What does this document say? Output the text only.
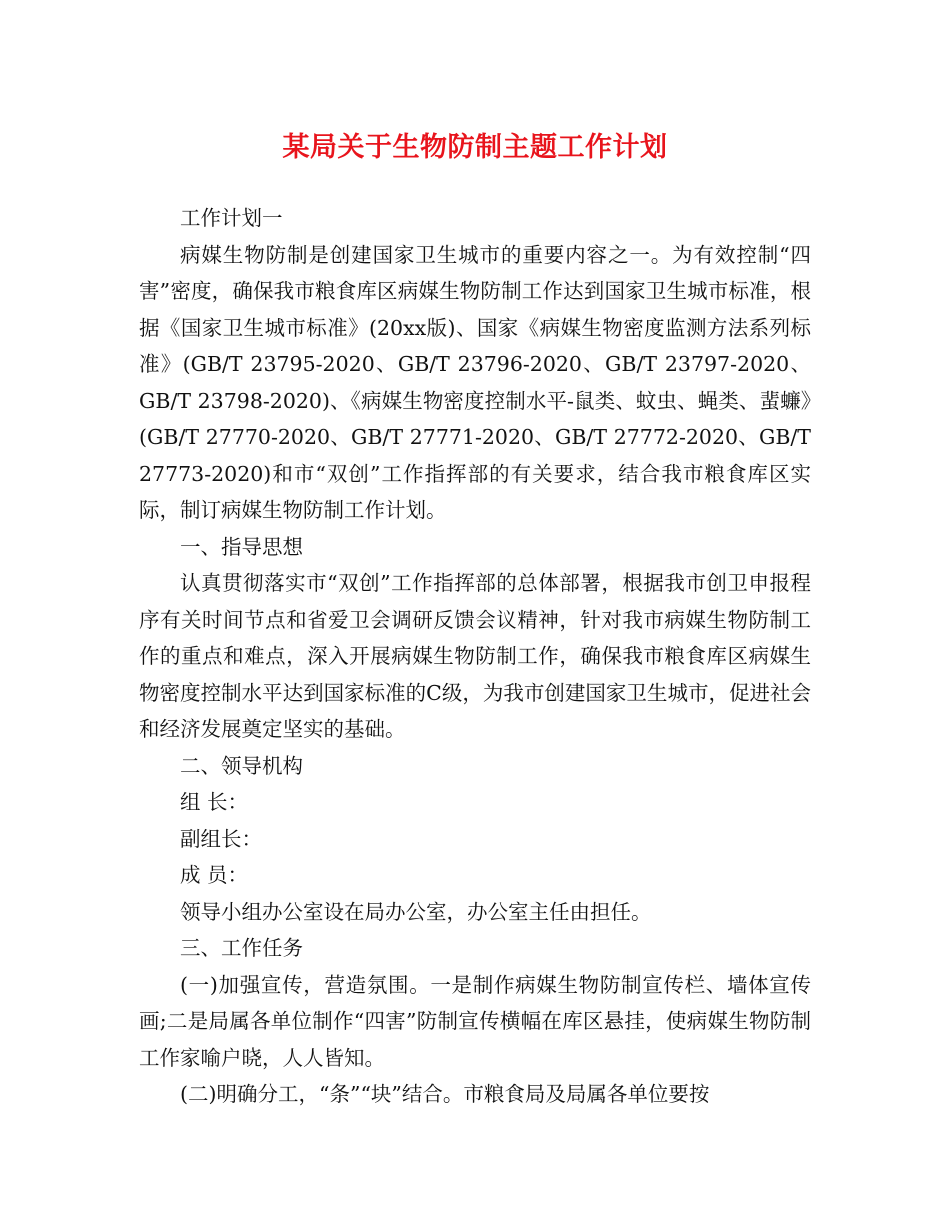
某局关于生物防制主题工作计划

工作计划一

病媒生物防制是创建国家卫生城市的重要内容之一。为有效控制“四害”密度，确保我市粮食库区病媒生物防制工作达到国家卫生城市标准，根据《国家卫生城市标准》(20xx版)、国家《病媒生物密度监测方法系列标准》(GB/T 23795-2020、GB/T 23796-2020、GB/T 23797-2020、GB/T 23798-2020)、《病媒生物密度控制水平-鼠类、蚊虫、蝇类、蜚蠊》(GB/T 27770-2020、GB/T 27771-2020、GB/T 27772-2020、GB/T 27773-2020)和市“双创”工作指挥部的有关要求，结合我市粮食库区实际，制订病媒生物防制工作计划。

一、指导思想

认真贯彻落实市“双创”工作指挥部的总体部署，根据我市创卫申报程序有关时间节点和省爱卫会调研反馈会议精神，针对我市病媒生物防制工作的重点和难点，深入开展病媒生物防制工作，确保我市粮食库区病媒生物密度控制水平达到国家标准的C级，为我市创建国家卫生城市，促进社会和经济发展奠定坚实的基础。

二、领导机构

组 长：

副组长：

成 员：

领导小组办公室设在局办公室，办公室主任由担任。

三、工作任务

(一)加强宣传，营造氛围。一是制作病媒生物防制宣传栏、墙体宣传画;二是局属各单位制作“四害”防制宣传横幅在库区悬挂，使病媒生物防制工作家喻户晓，人人皆知。

(二)明确分工，“条”“块”结合。市粮食局及局属各单位要按
